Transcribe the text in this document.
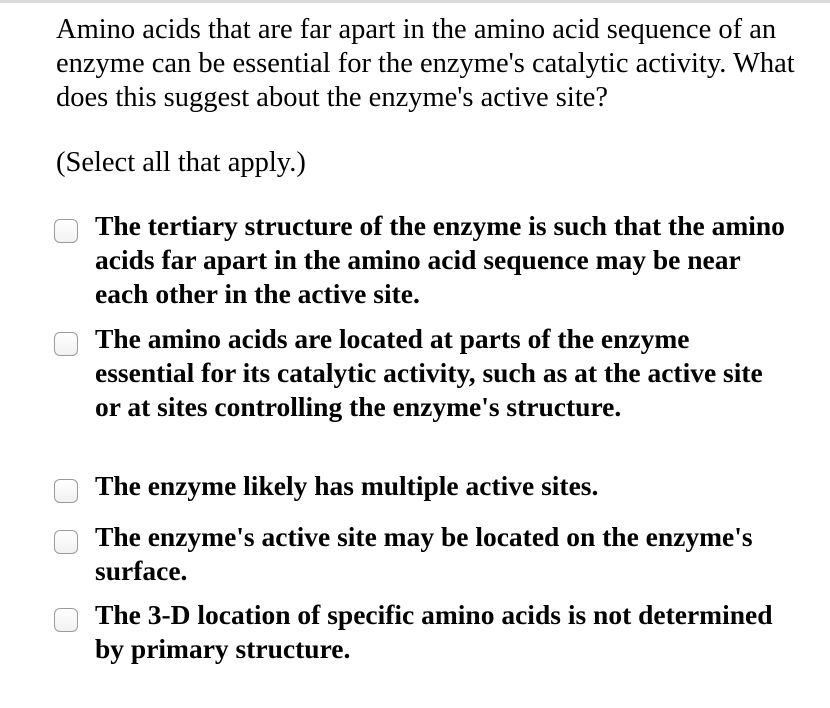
Amino acids that are far apart in the amino acid sequence of an enzyme can be essential for the enzyme's catalytic activity. What does this suggest about the enzyme's active site?

(Select all that apply.)
The tertiary structure of the enzyme is such that the amino acids far apart in the amino acid sequence may be near each other in the active site.
The amino acids are located at parts of the enzyme essential for its catalytic activity, such as at the active site or at sites controlling the enzyme's structure.
The enzyme likely has multiple active sites.
The enzyme's active site may be located on the enzyme's surface.
The 3-D location of specific amino acids is not determined by primary structure.
